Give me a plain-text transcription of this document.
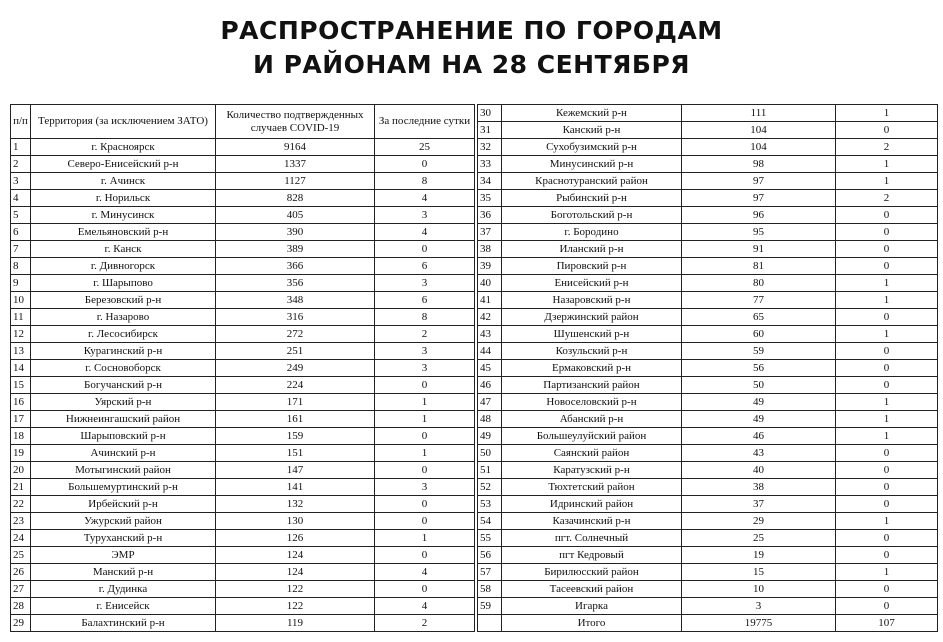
РАСПРОСТРАНЕНИЕ ПО ГОРОДАМ
И РАЙОНАМ НА 28 СЕНТЯБРЯ
п/п	Территория (за исключением ЗАТО)	Количество подтвержденных случаев COVID-19	За последние сутки
1	г. Красноярск	9164	25
2	Северо-Енисейский р-н	1337	0
3	г. Ачинск	1127	8
4	г. Норильск	828	4
5	г. Минусинск	405	3
6	Емельяновский р-н	390	4
7	г. Канск	389	0
8	г. Дивногорск	366	6
9	г. Шарыпово	356	3
10	Березовский р-н	348	6
11	г. Назарово	316	8
12	г. Лесосибирск	272	2
13	Курагинский р-н	251	3
14	г. Сосновоборск	249	3
15	Богучанский р-н	224	0
16	Уярский р-н	171	1
17	Нижнеингашский район	161	1
18	Шарыповский р-н	159	0
19	Ачинский р-н	151	1
20	Мотыгинский район	147	0
21	Большемуртинский р-н	141	3
22	Ирбейский р-н	132	0
23	Ужурский район	130	0
24	Туруханский р-н	126	1
25	ЭМР	124	0
26	Манский р-н	124	4
27	г. Дудинка	122	0
28	г. Енисейск	122	4
29	Балахтинский р-н	119	2
30	Кежемский р-н	111	1
31	Канский р-н	104	0
32	Сухобузимский р-н	104	2
33	Минусинский р-н	98	1
34	Краснотуранский район	97	1
35	Рыбинский р-н	97	2
36	Боготольский р-н	96	0
37	г. Бородино	95	0
38	Иланский р-н	91	0
39	Пировский р-н	81	0
40	Енисейский р-н	80	1
41	Назаровский р-н	77	1
42	Дзержинский район	65	0
43	Шушенский р-н	60	1
44	Козульский р-н	59	0
45	Ермаковский р-н	56	0
46	Партизанский район	50	0
47	Новоселовский р-н	49	1
48	Абанский р-н	49	1
49	Большеулуйский район	46	1
50	Саянский район	43	0
51	Каратузский р-н	40	0
52	Тюхтетский район	38	0
53	Идринский район	37	0
54	Казачинский р-н	29	1
55	пгт. Солнечный	25	0
56	пгт Кедровый	19	0
57	Бирилюсский район	15	1
58	Тасеевский район	10	0
59	Игарка	3	0
	Итого	19775	107
